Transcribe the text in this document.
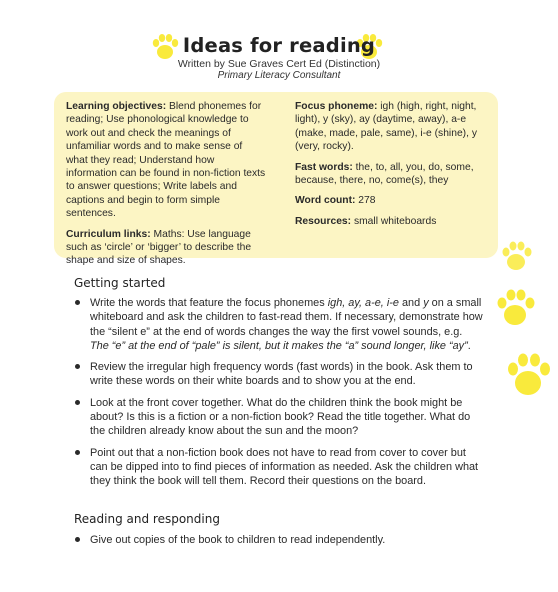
Ideas for reading
Written by Sue Graves Cert Ed (Distinction)
Primary Literacy Consultant

Learning objectives: Blend phonemes for reading; Use phonological knowledge to work out and check the meanings of unfamiliar words and to make sense of what they read; Understand how information can be found in non-fiction texts to answer questions; Write labels and captions and begin to form simple sentences.

Curriculum links: Maths: Use language such as ‘circle’ or ‘bigger’ to describe the shape and size of shapes.

Focus phoneme: igh (high, right, night, light), y (sky), ay (daytime, away), a-e (make, made, pale, same), i-e (shine), y (very, rocky).

Fast words: the, to, all, you, do, some, because, there, no, come(s), they

Word count: 278

Resources: small whiteboards

Getting started
Write the words that feature the focus phonemes igh, ay, a-e, i-e and y on a small whiteboard and ask the children to fast-read them. If necessary, demonstrate how the “silent e” at the end of words changes the way the first vowel sounds, e.g. The “e” at the end of “pale” is silent, but it makes the “a” sound longer, like “ay”.
Review the irregular high frequency words (fast words) in the book. Ask them to write these words on their white boards and to show you at the end.
Look at the front cover together. What do the children think the book might be about? Is this is a fiction or a non-fiction book? Read the title together. What do the children already know about the sun and the moon?
Point out that a non-fiction book does not have to read from cover to cover but can be dipped into to find pieces of information as needed. Ask the children what they think the book will tell them. Record their questions on the board.
Reading and responding
Give out copies of the book to children to read independently.
